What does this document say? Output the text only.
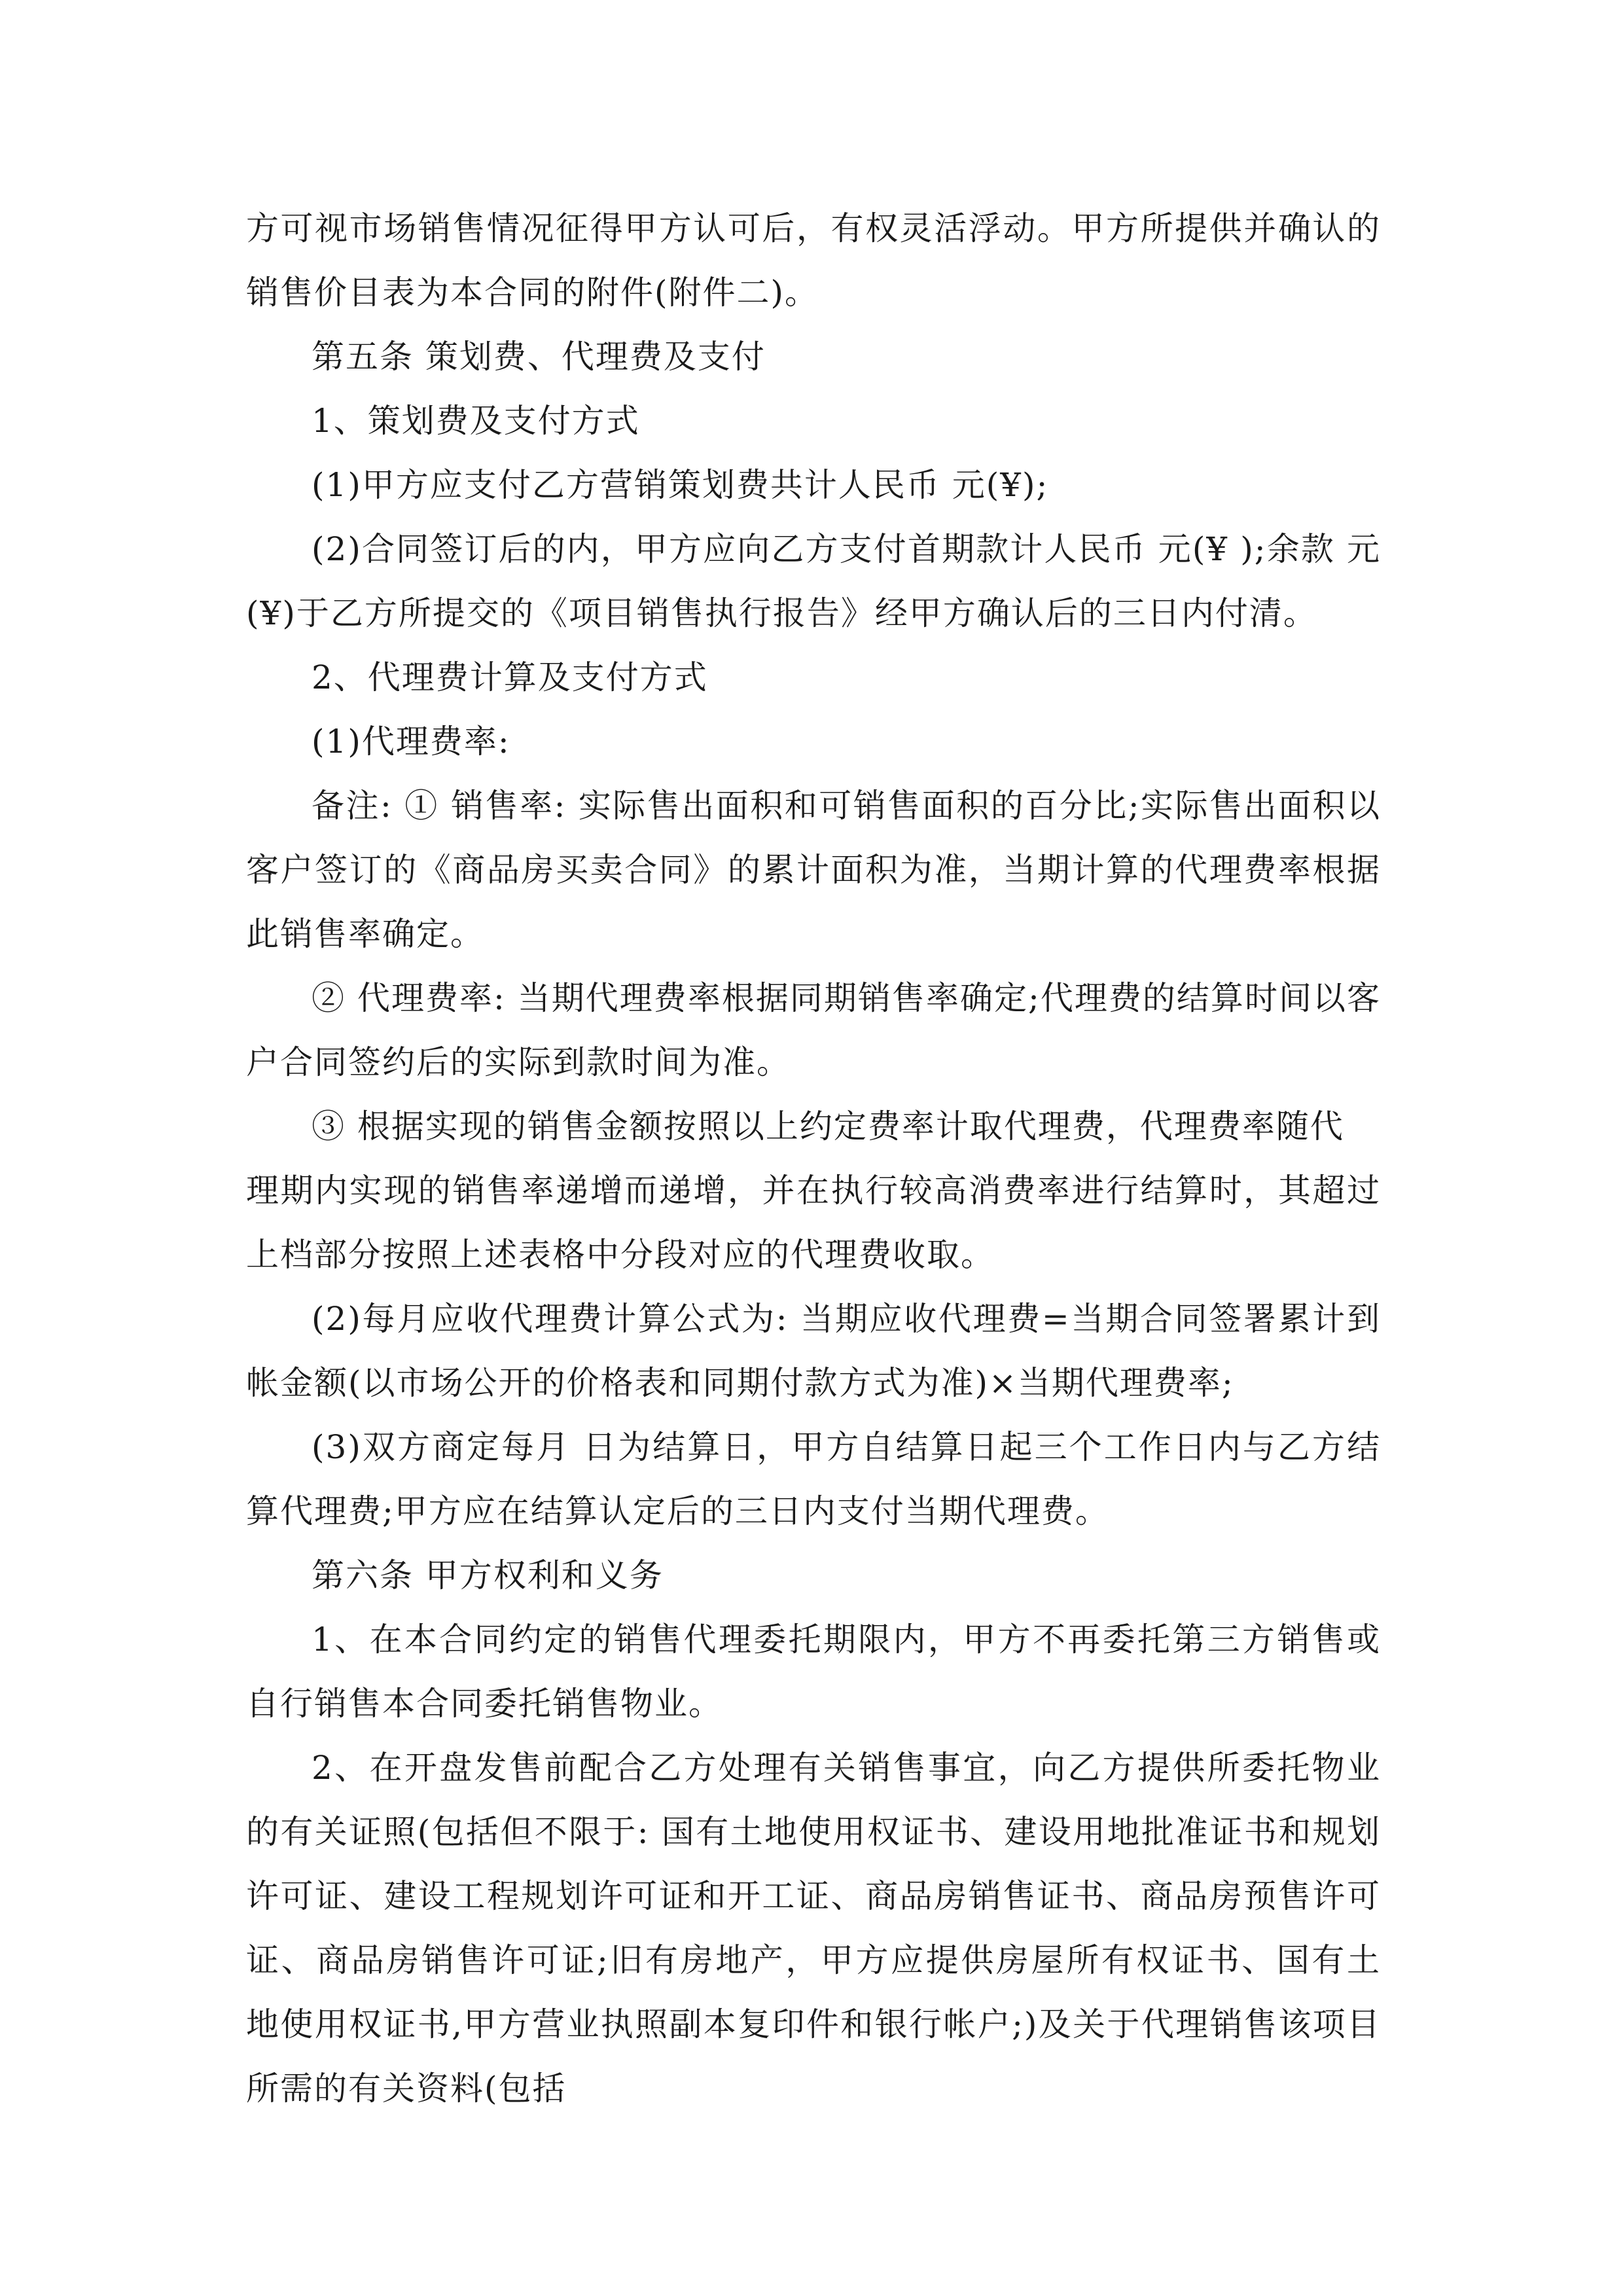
方可视市场销售情况征得甲方认可后，有权灵活浮动。甲方所提供并确认的销售价目表为本合同的附件(附件二)。

第五条 策划费、代理费及支付

1、策划费及支付方式

(1)甲方应支付乙方营销策划费共计人民币 元(¥);

(2)合同签订后的内，甲方应向乙方支付首期款计人民币 元(¥ );余款 元(¥)于乙方所提交的《项目销售执行报告》经甲方确认后的三日内付清。

2、代理费计算及支付方式

(1)代理费率:

备注: ① 销售率: 实际售出面积和可销售面积的百分比;实际售出面积以客户签订的《商品房买卖合同》的累计面积为准，当期计算的代理费率根据此销售率确定。

② 代理费率: 当期代理费率根据同期销售率确定;代理费的结算时间以客户合同签约后的实际到款时间为准。

③ 根据实现的销售金额按照以上约定费率计取代理费，代理费率随代

理期内实现的销售率递增而递增，并在执行较高消费率进行结算时，其超过上档部分按照上述表格中分段对应的代理费收取。

(2)每月应收代理费计算公式为: 当期应收代理费=当期合同签署累计到帐金额(以市场公开的价格表和同期付款方式为准)×当期代理费率;

(3)双方商定每月 日为结算日，甲方自结算日起三个工作日内与乙方结算代理费;甲方应在结算认定后的三日内支付当期代理费。

第六条 甲方权利和义务

1、在本合同约定的销售代理委托期限内，甲方不再委托第三方销售或自行销售本合同委托销售物业。

2、在开盘发售前配合乙方处理有关销售事宜，向乙方提供所委托物业的有关证照(包括但不限于: 国有土地使用权证书、建设用地批准证书和规划许可证、建设工程规划许可证和开工证、商品房销售证书、商品房预售许可证、商品房销售许可证;旧有房地产，甲方应提供房屋所有权证书、国有土地使用权证书,甲方营业执照副本复印件和银行帐户;)及关于代理销售该项目所需的有关资料(包括
